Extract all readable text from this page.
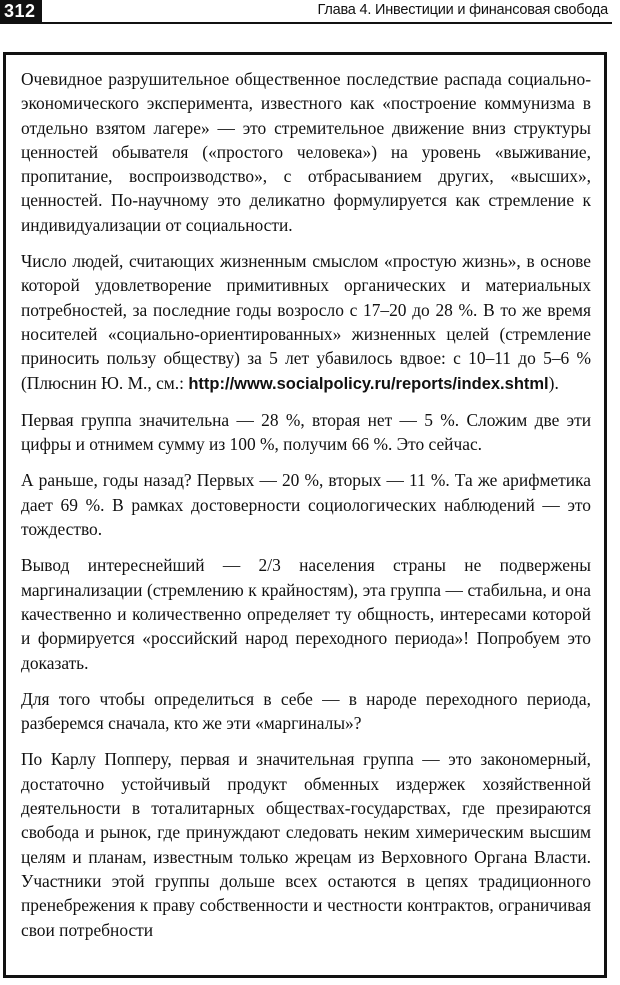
312	Глава 4. Инвестиции и финансовая свобода

Очевидное разрушительное общественное последствие распада социально-экономического эксперимента, известного как «построение коммунизма в отдельно взятом лагере» — это стремительное движение вниз структуры ценностей обывателя («простого человека») на уровень «выживание, пропитание, воспроизводство», с отбрасыванием других, «высших», ценностей. По-научному это деликатно формулируется как стремление к индивидуализации от социальности.

Число людей, считающих жизненным смыслом «простую жизнь», в основе которой удовлетворение примитивных органических и материальных потребностей, за последние годы возросло с 17–20 до 28 %. В то же время носителей «социально-ориентированных» жизненных целей (стремление приносить пользу обществу) за 5 лет убавилось вдвое: с 10–11 до 5–6 % (Плюснин Ю. М., см.: http://www.socialpolicy.ru/reports/index.shtml).

Первая группа значительна — 28 %, вторая нет — 5 %. Сложим две эти цифры и отнимем сумму из 100 %, получим 66 %. Это сейчас.

А раньше, годы назад? Первых — 20 %, вторых — 11 %. Та же арифметика дает 69 %. В рамках достоверности социологических наблюдений — это тождество.

Вывод интереснейший — 2/3 населения страны не подвержены маргинализации (стремлению к крайностям), эта группа — стабильна, и она качественно и количественно определяет ту общность, интересами которой и формируется «российский народ переходного периода»! Попробуем это доказать.

Для того чтобы определиться в себе — в народе переходного периода, разберемся сначала, кто же эти «маргиналы»?

По Карлу Попперу, первая и значительная группа — это закономерный, достаточно устойчивый продукт обменных издержек хозяйственной деятельности в тоталитарных обществах-государствах, где презираются свобода и рынок, где принуждают следовать неким химерическим высшим целям и планам, известным только жрецам из Верховного Органа Власти. Участники этой группы дольше всех остаются в цепях традиционного пренебрежения к праву собственности и честности контрактов, ограничивая свои потребности
